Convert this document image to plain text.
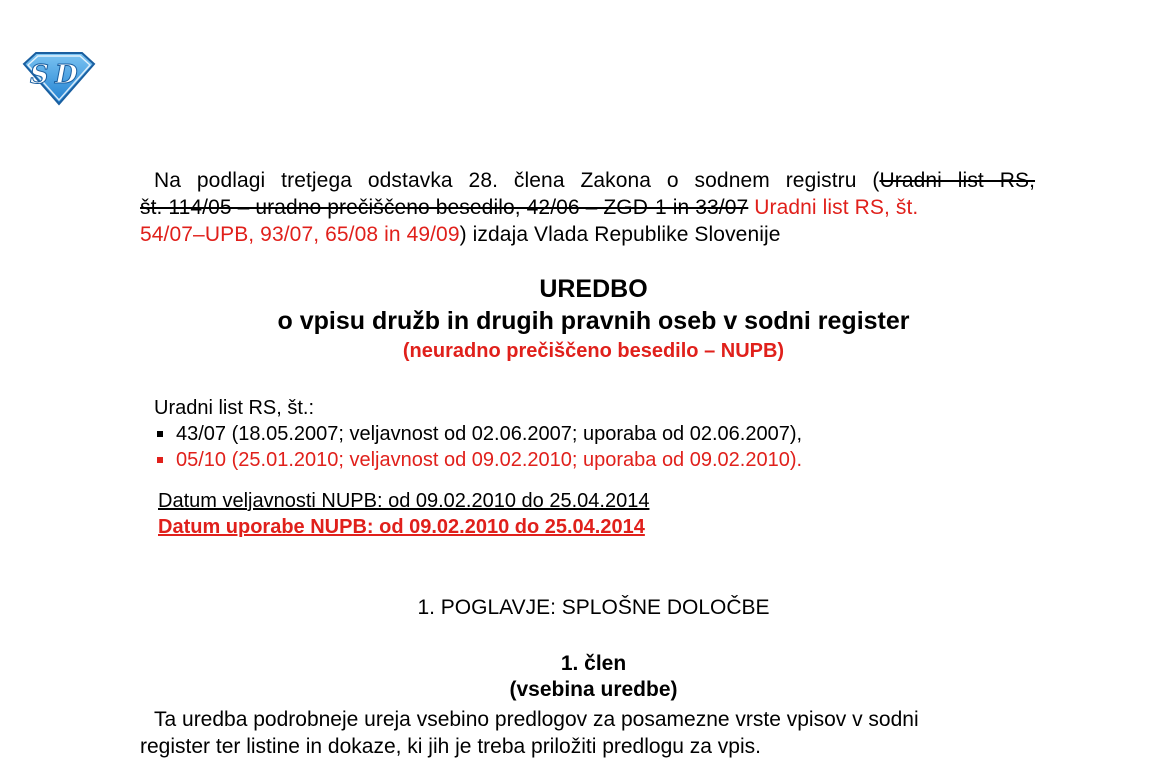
S D
Na podlagi tretjega odstavka 28. člena Zakona o sodnem registru (Uradni list RS,
št. 114/05 – uradno prečiščeno besedilo, 42/06 – ZGD-1 in 33/07 Uradni list RS, št.
54/07–UPB, 93/07, 65/08 in 49/09) izdaja Vlada Republike Slovenije
UREDBO
o vpisu družb in drugih pravnih oseb v sodni register
(neuradno prečiščeno besedilo – NUPB)
Uradni list RS, št.:
43/07 (18.05.2007; veljavnost od 02.06.2007; uporaba od 02.06.2007),
05/10 (25.01.2010; veljavnost od 09.02.2010; uporaba od 09.02.2010).
Datum veljavnosti NUPB: od 09.02.2010 do 25.04.2014
Datum uporabe NUPB: od 09.02.2010 do 25.04.2014
1. POGLAVJE: SPLOŠNE DOLOČBE
1. člen
(vsebina uredbe)
Ta uredba podrobneje ureja vsebino predlogov za posamezne vrste vpisov v sodni
register ter listine in dokaze, ki jih je treba priložiti predlogu za vpis.
